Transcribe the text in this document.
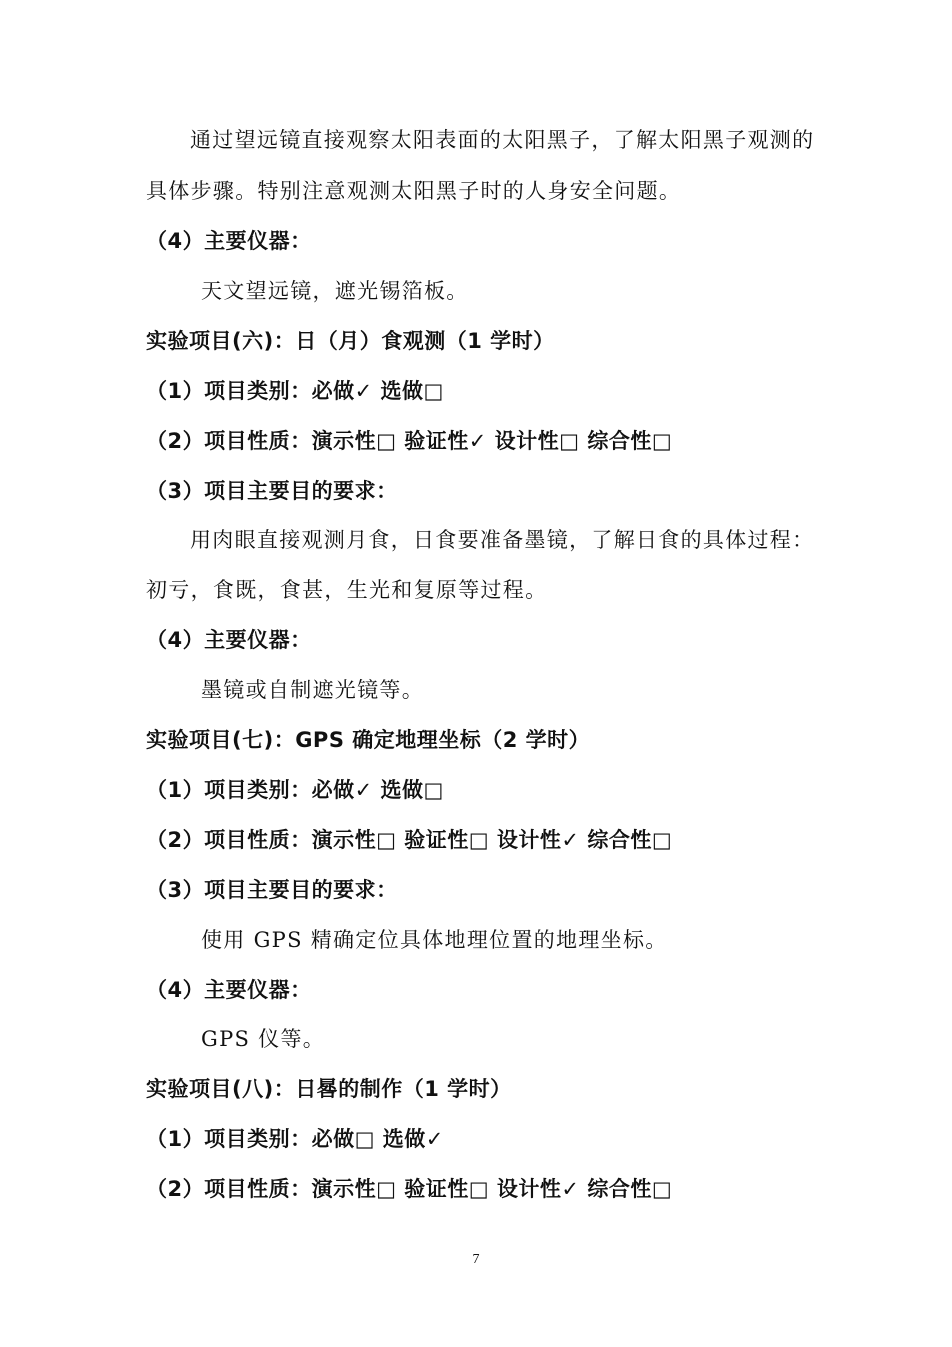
通过望远镜直接观察太阳表面的太阳黑子，了解太阳黑子观测的
具体步骤。特别注意观测太阳黑子时的人身安全问题。
（4）主要仪器：
天文望远镜，遮光锡箔板。
实验项目(六)：日（月）食观测（1 学时）
（1）项目类别：必做✓ 选做□
（2）项目性质：演示性□ 验证性✓ 设计性□ 综合性□
（3）项目主要目的要求：
用肉眼直接观测月食，日食要准备墨镜，了解日食的具体过程：
初亏，食既，食甚，生光和复原等过程。
（4）主要仪器：
墨镜或自制遮光镜等。
实验项目(七)：GPS 确定地理坐标（2 学时）
（1）项目类别：必做✓ 选做□
（2）项目性质：演示性□ 验证性□ 设计性✓ 综合性□
（3）项目主要目的要求：
使用 GPS 精确定位具体地理位置的地理坐标。
（4）主要仪器：
GPS 仪等。
实验项目(八)：日晷的制作（1 学时）
（1）项目类别：必做□ 选做✓
（2）项目性质：演示性□ 验证性□ 设计性✓ 综合性□
7
